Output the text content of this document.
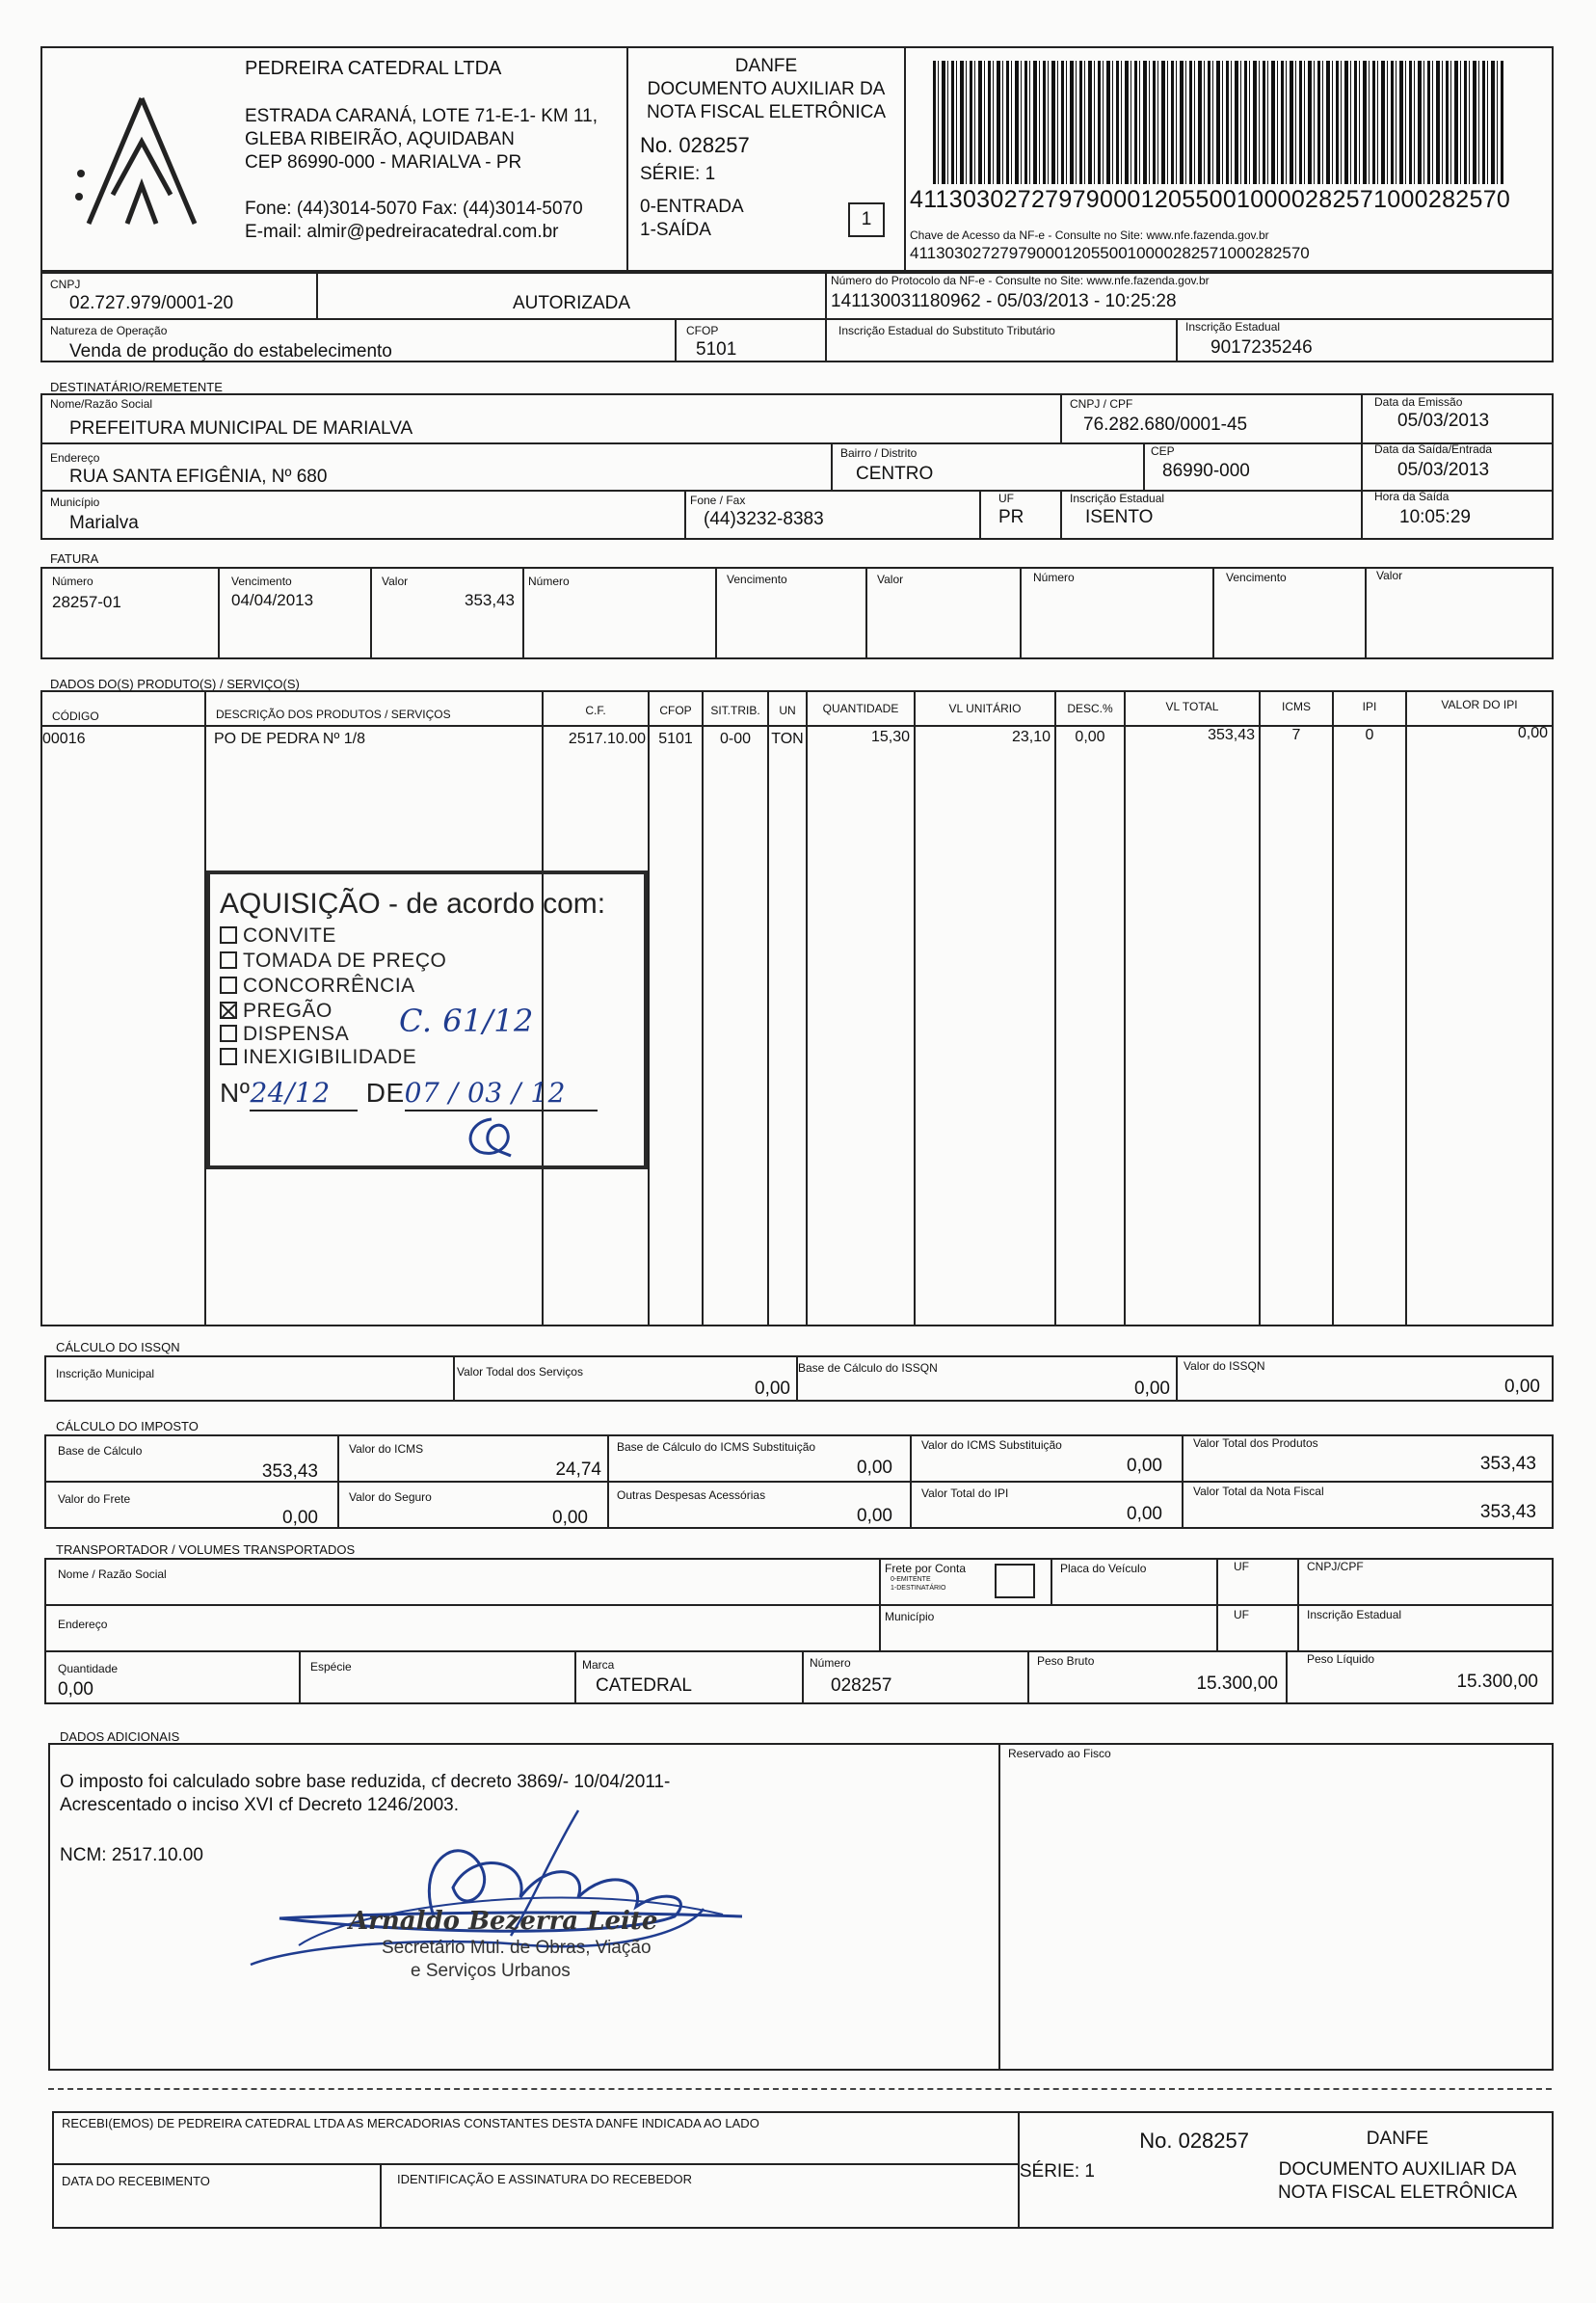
PEDREIRA CATEDRAL LTDA
ESTRADA CARANÁ, LOTE 71-E-1- KM 11,
GLEBA RIBEIRÃO, AQUIDABAN
CEP 86990-000 - MARIALVA - PR
Fone: (44)3014-5070 Fax: (44)3014-5070
E-mail: almir@pedreiracatedral.com.br
DANFE
DOCUMENTO AUXILIAR DA
NOTA FISCAL ELETRÔNICA
No. 028257
SÉRIE: 1
0-ENTRADA
1-SAÍDA
1
41130302727979000120550010000282571000282570
Chave de Acesso da NF-e - Consulte no Site: www.nfe.fazenda.gov.br
41130302727979000120550010000282571000282570
CNPJ
02.727.979/0001-20	AUTORIZADA
Número do Protocolo da NF-e - Consulte no Site: www.nfe.fazenda.gov.br
141130031180962 - 05/03/2013 - 10:25:28
Natureza de Operação
Venda de produção do estabelecimento
CFOP
5101
Inscrição Estadual do Substituto Tributário	Inscrição Estadual
9017235246
DESTINATÁRIO/REMETENTE
Nome/Razão Social
PREFEITURA MUNICIPAL DE MARIALVA
CNPJ / CPF
76.282.680/0001-45
Data da Emissão
05/03/2013
Endereço
RUA SANTA EFIGÊNIA, Nº 680
Bairro / Distrito
CENTRO
CEP
86990-000
Data da Saída/Entrada
05/03/2013
Município
Marialva
Fone / Fax
(44)3232-8383
UF
PR
Inscrição Estadual
ISENTO
Hora da Saída
10:05:29
FATURA
Número
28257-01
Vencimento
04/04/2013
Valor
353,43
Número	Vencimento	Valor	Número	Vencimento	Valor
DADOS DO(S) PRODUTO(S) / SERVIÇO(S)
CÓDIGO	DESCRIÇÃO DOS PRODUTOS / SERVIÇOS	C.F.	CFOP	SIT.TRIB.	UN	QUANTIDADE	VL UNITÁRIO	DESC.%	VL TOTAL	ICMS	IPI	VALOR DO IPI
00016	PO DE PEDRA Nº 1/8	2517.10.00 5101	0-00	TON	15,30	23,10	0,00	353,43	7	0	0,00
AQUISIÇÃO - de acordo com:
CONVITE
TOMADA DE PREÇO
CONCORRÊNCIA
PREGÃO
DISPENSA
INEXIGIBILIDADE
C. 61/12
Nº24/12 DE07 / 03 / 12
CÁLCULO DO ISSQN
Inscrição Municipal	Valor Todal dos Serviços
0,00
Base de Cálculo do ISSQN
0,00
Valor do ISSQN
0,00
CÁLCULO DO IMPOSTO
Base de Cálculo
353,43
Valor do ICMS
24,74
Base de Cálculo do ICMS Substituição
0,00
Valor do ICMS Substituição
0,00
Valor Total dos Produtos
353,43
Valor do Frete
0,00
Valor do Seguro
0,00
Outras Despesas Acessórias
0,00
Valor Total do IPI
0,00
Valor Total da Nota Fiscal
353,43
TRANSPORTADOR / VOLUMES TRANSPORTADOS
Nome / Razão Social	Frete por Conta
0-EMITENTE
1-DESTINATÁRIO
Placa do Veículo	UF	CNPJ/CPF
Endereço
Município	UF	Inscrição Estadual
Quantidade
0,00
Espécie	Marca
CATEDRAL
Número
028257
Peso Bruto
15.300,00
Peso Líquido
15.300,00
DADOS ADICIONAIS
O imposto foi calculado sobre base reduzida, cf decreto 3869/- 10/04/2011-
Acrescentado o inciso XVI cf Decreto 1246/2003.
NCM: 2517.10.00
Reservado ao Fisco
Arnaldo Bezerra Leite
Secretário Mul. de Obras, Viação
e Serviços Urbanos
RECEBI(EMOS) DE PEDREIRA CATEDRAL LTDA AS MERCADORIAS CONSTANTES DESTA DANFE INDICADA AO LADO
DATA DO RECEBIMENTO	IDENTIFICAÇÃO E ASSINATURA DO RECEBEDOR
No. 028257
SÉRIE: 1
DANFE
DOCUMENTO AUXILIAR DA
NOTA FISCAL ELETRÔNICA
